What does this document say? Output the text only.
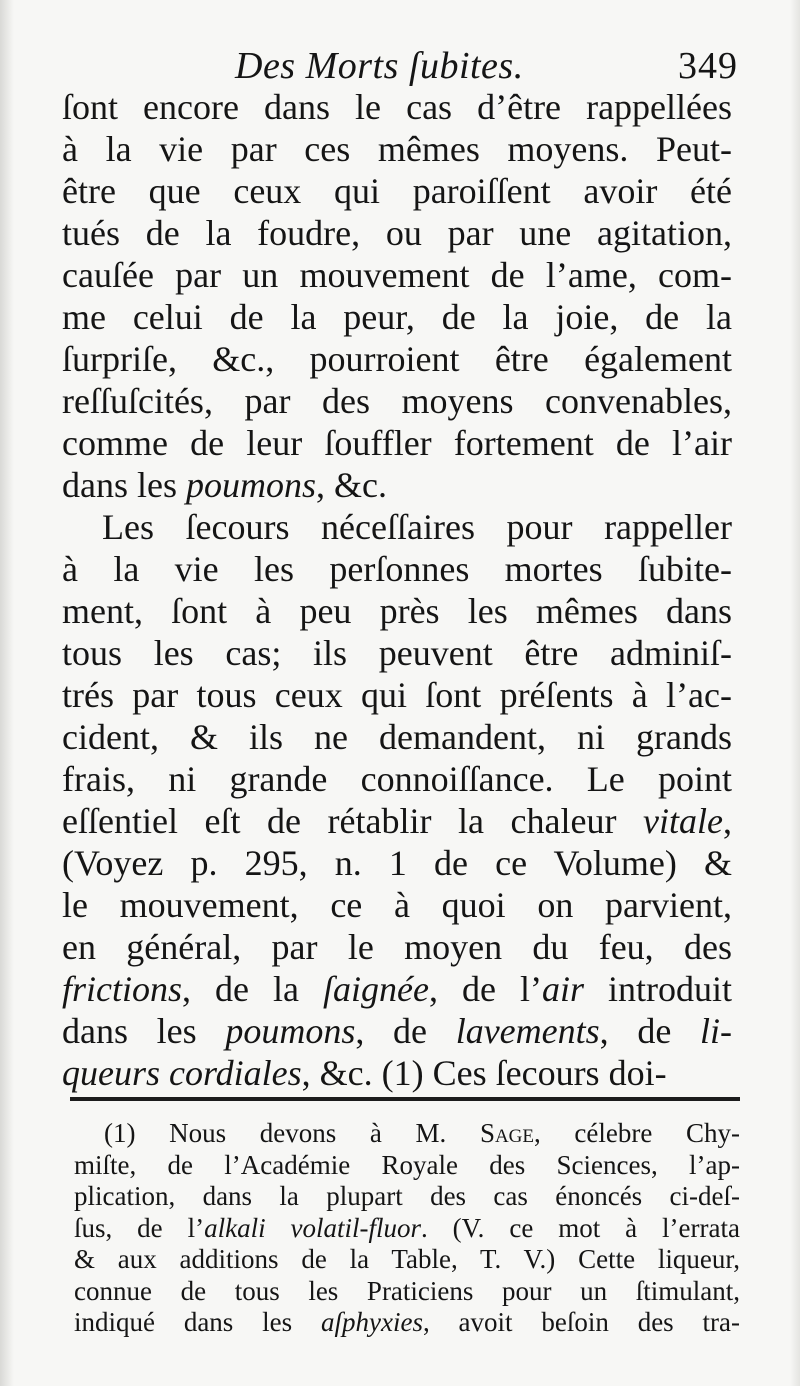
Des Morts ſubites.	349
ſont encore dans le cas d’être rappellées
à la vie par ces mêmes moyens. Peut-
être que ceux qui paroiſſent avoir été
tués de la foudre, ou par une agitation,
cauſée par un mouvement de l’ame, com-
me celui de la peur, de la joie, de la
ſurpriſe, &c., pourroient être également
reſſuſcités, par des moyens convenables,
comme de leur ſouffler fortement de l’air
dans les poumons, &c.
Les ſecours néceſſaires pour rappeller
à la vie les perſonnes mortes ſubite-
ment, ſont à peu près les mêmes dans
tous les cas; ils peuvent être adminiſ-
trés par tous ceux qui ſont préſents à l’ac-
cident, & ils ne demandent, ni grands
frais, ni grande connoiſſance. Le point
eſſentiel eſt de rétablir la chaleur vitale,
(Voyez p. 295, n. 1 de ce Volume) &
le mouvement, ce à quoi on parvient,
en général, par le moyen du feu, des
frictions, de la ſaignée, de l’air introduit
dans les poumons, de lavements, de li-
queurs cordiales, &c. (1) Ces ſecours doi-
(1) Nous devons à M. Sage, célebre Chy-
miſte, de l’Académie Royale des Sciences, l’ap-
plication, dans la plupart des cas énoncés ci-deſ-
ſus, de l’alkali volatil-fluor. (V. ce mot à l’errata
& aux additions de la Table, T. V.) Cette liqueur,
connue de tous les Praticiens pour un ſtimulant,
indiqué dans les aſphyxies, avoit beſoin des tra-
